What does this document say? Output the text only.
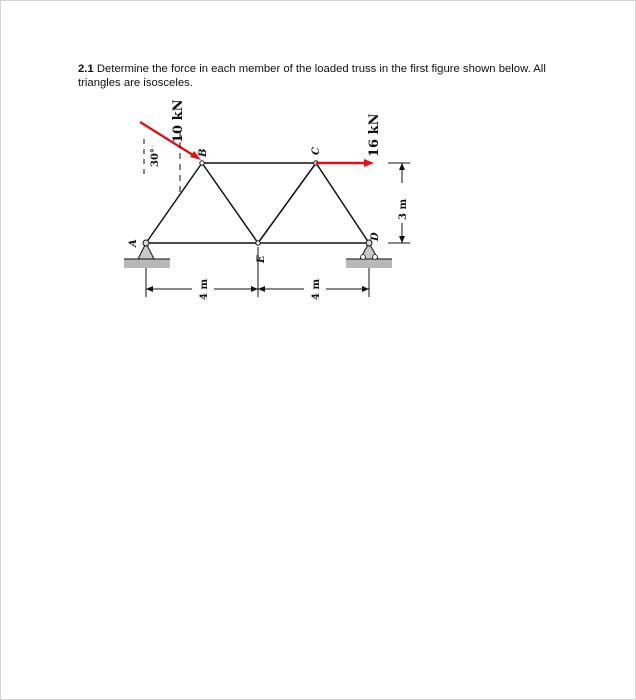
2.1 Determine the force in each member of the loaded truss in the first figure shown below. All triangles are isosceles.
10 kN	16 kN
30°	B	C
A
D
E
4 m	4 m
3 m
